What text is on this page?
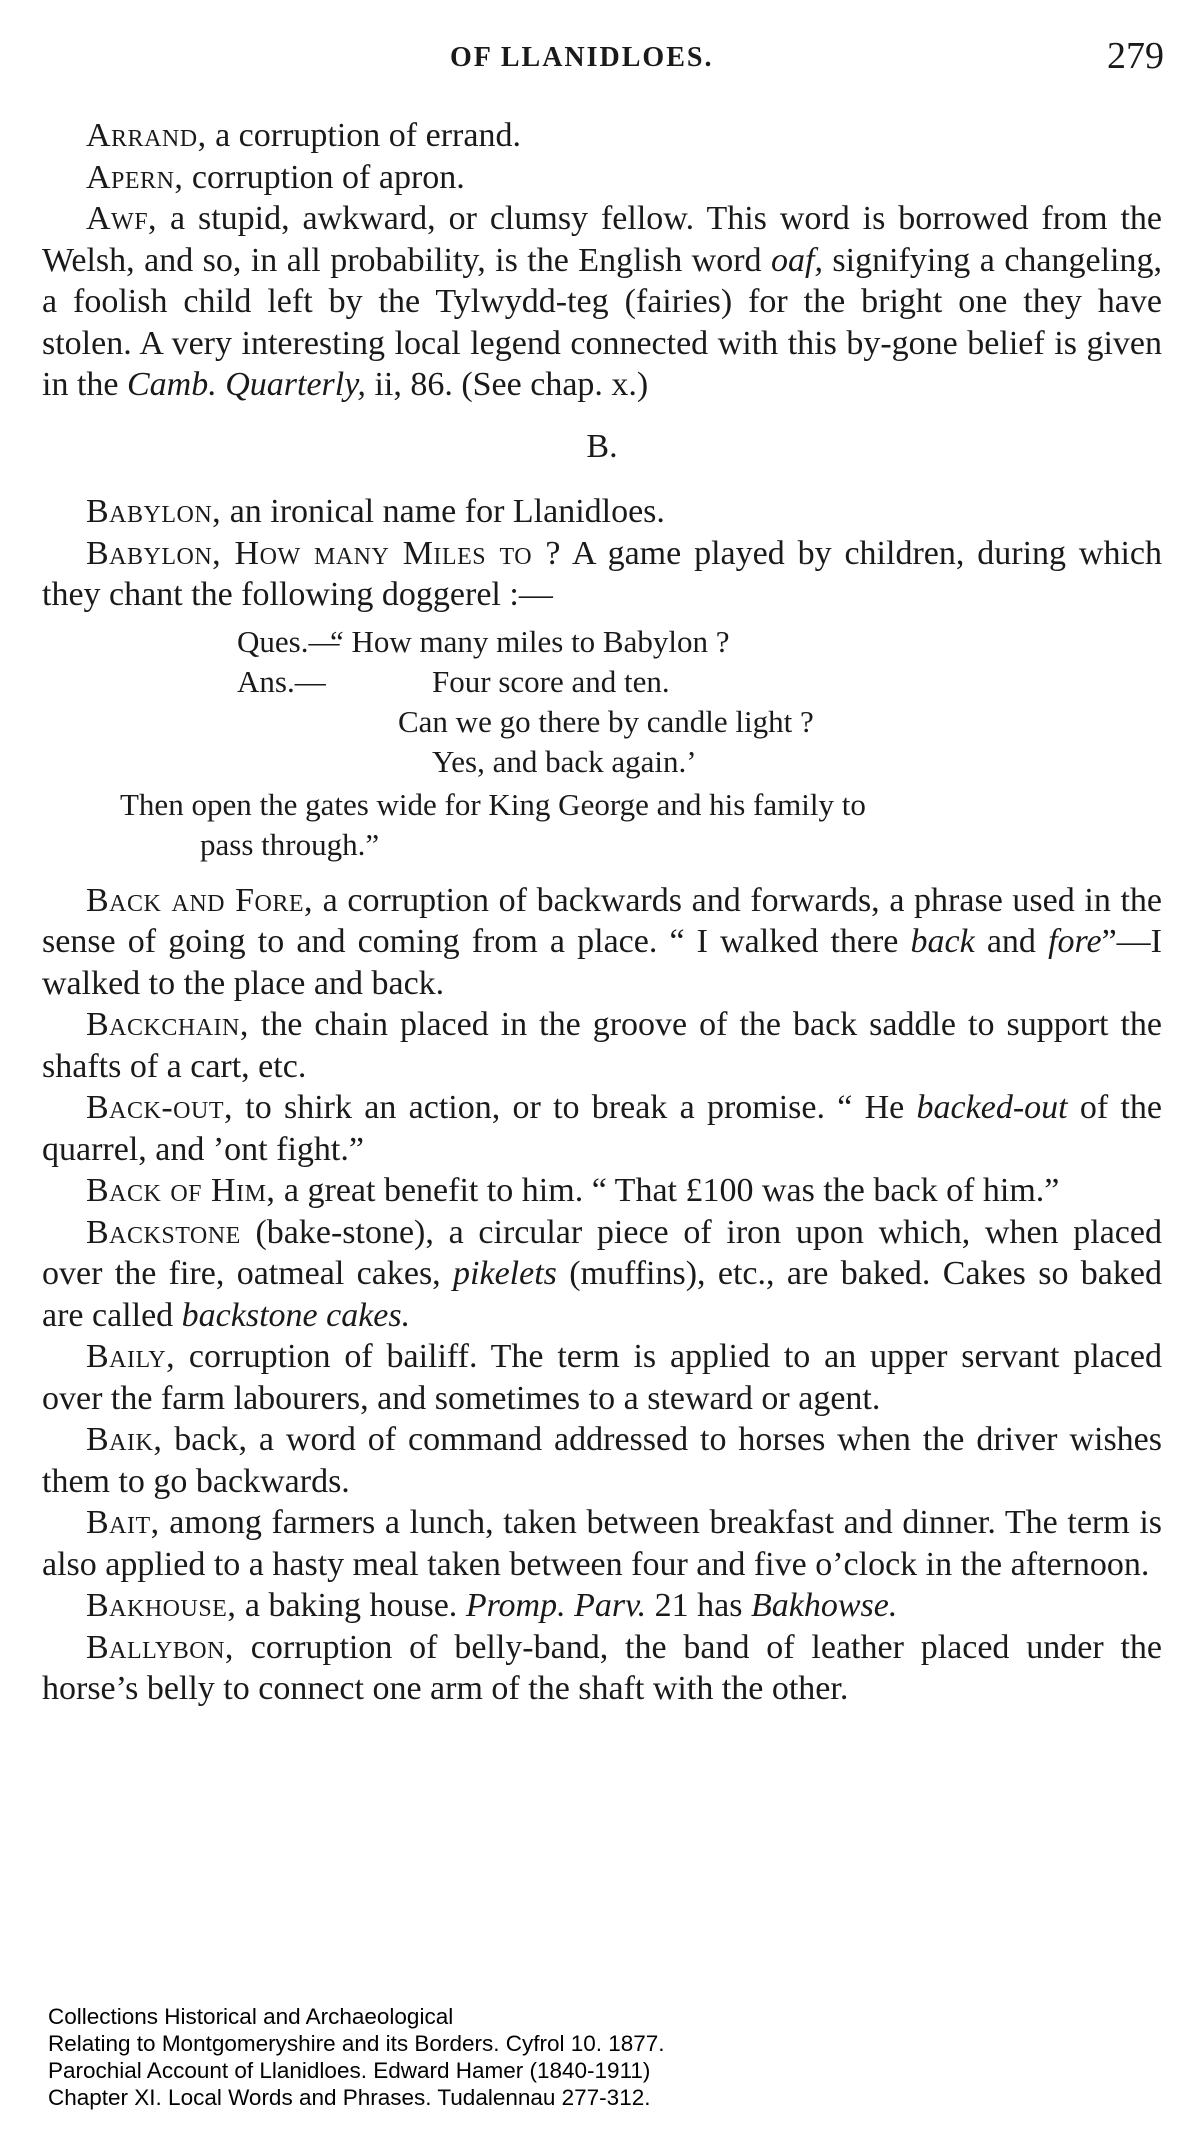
OF LLANIDLOES.	279

Arrand, a corruption of errand.

Apern, corruption of apron.

Awf, a stupid, awkward, or clumsy fellow. This word is borrowed from the Welsh, and so, in all probability, is the English word oaf, signifying a changeling, a foolish child left by the Tylwydd-teg (fairies) for the bright one they have stolen. A very interesting local legend connected with this by-gone belief is given in the Camb. Quarterly, ii, 86. (See chap. x.)

B.

Babylon, an ironical name for Llanidloes.

Babylon, How many Miles to ? A game played by children, during which they chant the following doggerel :—

Ques.—
“ How many miles to Babylon ?
Ans.—	Four score and ten.
Can we go there by candle light ?
Yes, and back again.’
Then open the gates wide for King George and his family to
pass through.”

Back and Fore, a corruption of backwards and forwards, a phrase used in the sense of going to and coming from a place. “ I walked there back and fore”—I walked to the place and back.

Backchain, the chain placed in the groove of the back saddle to support the shafts of a cart, etc.

Back-out, to shirk an action, or to break a promise. “ He backed-out of the quarrel, and ’ont fight.”

Back of Him, a great benefit to him. “ That £100 was the back of him.”

Backstone (bake-stone), a circular piece of iron upon which, when placed over the fire, oatmeal cakes, pikelets (muffins), etc., are baked. Cakes so baked are called backstone cakes.

Baily, corruption of bailiff. The term is applied to an upper servant placed over the farm labourers, and sometimes to a steward or agent.

Baik, back, a word of command addressed to horses when the driver wishes them to go backwards.

Bait, among farmers a lunch, taken between breakfast and dinner. The term is also applied to a hasty meal taken between four and five o’clock in the afternoon.

Bakhouse, a baking house. Promp. Parv. 21 has Bakhowse.

Ballybon, corruption of belly-band, the band of leather placed under the horse’s belly to connect one arm of the shaft with the other.

Collections Historical and Archaeological
Relating to Montgomeryshire and its Borders. Cyfrol 10. 1877.
Parochial Account of Llanidloes. Edward Hamer (1840-1911)
Chapter XI. Local Words and Phrases. Tudalennau 277-312.
